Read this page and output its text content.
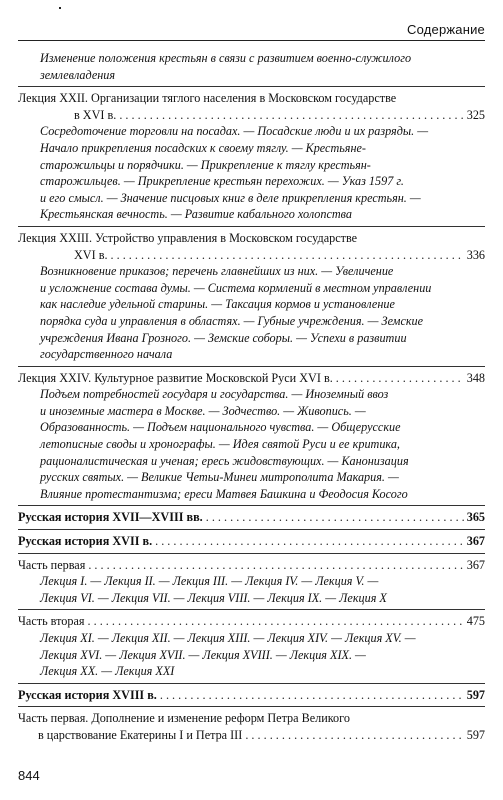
Содержание
Изменение положения крестьян в связи с развитием военно-служилого
землевладения
Лекция XXII. Организации тяглого населения в Московском государстве
в XVI в. . . .	325
Сосредоточение торговли на посадах. — Посадские люди и их разряды. —
Начало прикрепления посадских к своему тяглу. — Крестьяне-
старожильцы и порядчики. — Прикрепление к тяглу крестьян-
старожильцев. — Прикрепление крестьян перехожих. — Указ 1597 г.
и его смысл. — Значение писцовых книг в деле прикрепления крестьян. —
Крестьянская вечность. — Развитие кабального холопства
Лекция XXIII. Устройство управления в Московском государстве
XVI в. . . .	336
Возникновение приказов; перечень главнейших из них. — Увеличение
и усложнение состава думы. — Система кормлений в местном управлении
как наследие удельной старины. — Таксация кормов и установление
порядка суда и управления в областях. — Губные учреждения. — Земские
учреждения Ивана Грозного. — Земские соборы. — Успехи в развитии
государственного начала
Лекция XXIV. Культурное развитие Московской Руси XVI в. . . .	348
Подъем потребностей государя и государства. — Иноземный ввоз
и иноземные мастера в Москве. — Зодчество. — Живопись. —
Образованность. — Подъем национального чувства. — Общерусские
летописные своды и хронографы. — Идея святой Руси и ее критика,
рационалистическая и ученая; ересь жидовствующих. — Канонизация
русских святых. — Великие Четьи-Минеи митрополита Макария. —
Влияние протестантизма; ереси Матвея Башкина и Феодосия Косого
Русская история XVII—XVIII вв. . . .	365
Русская история XVII в. . . .	367
Часть первая . . .	367
Лекция I. — Лекция II. — Лекция III. — Лекция IV. — Лекция V. —
Лекция VI. — Лекция VII. — Лекция VIII. — Лекция IX. — Лекция X
Часть вторая . . .	475
Лекция XI. — Лекция XII. — Лекция XIII. — Лекция XIV. — Лекция XV. —
Лекция XVI. — Лекция XVII. — Лекция XVIII. — Лекция XIX. —
Лекция XX. — Лекция XXI
Русская история XVIII в. . . .	597
Часть первая. Дополнение и изменение реформ Петра Великого
в царствование Екатерины I и Петра III . . .	597
844
